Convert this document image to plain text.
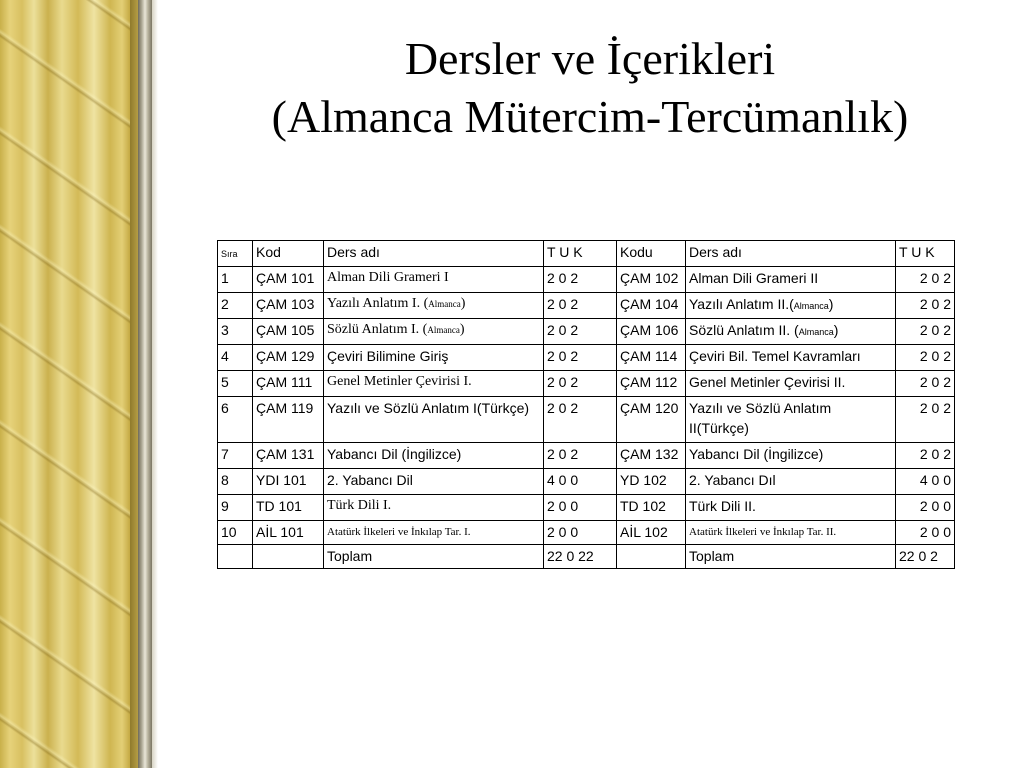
Dersler ve İçerikleri
(Almanca Mütercim-Tercümanlık)
Sıra	Kod	Ders adı	T U K	Kodu	Ders adı	T U K
1	ÇAM 101	Alman Dili Grameri I	2 0 2	ÇAM 102	Alman Dili Grameri II	2 0 2
2	ÇAM 103	Yazılı Anlatım I. (Almanca)	2 0 2	ÇAM 104	Yazılı Anlatım II.(Almanca)	2 0 2
3	ÇAM 105	Sözlü Anlatım I. (Almanca)	2 0 2	ÇAM 106	Sözlü Anlatım II. (Almanca)	2 0 2
4	ÇAM 129	Çeviri Bilimine Giriş	2 0 2	ÇAM 114	Çeviri Bil. Temel Kavramları	2 0 2
5	ÇAM 111	Genel Metinler Çevirisi I.	2 0 2	ÇAM 112	Genel Metinler Çevirisi II.	2 0 2
6	ÇAM 119	Yazılı ve Sözlü Anlatım I(Türkçe)	2 0 2	ÇAM 120	Yazılı ve Sözlü Anlatım II(Türkçe)	2 0 2
7	ÇAM 131	Yabancı Dil (İngilizce)	2 0 2	ÇAM 132	Yabancı Dil (İngilizce)	2 0 2
8	YDI 101	2. Yabancı Dil	4 0 0	YD 102	2. Yabancı Dıl	4 0 0
9	TD 101	Türk Dili I.	2 0 0	TD 102	Türk Dili II.	2 0 0
10	AİL 101	Atatürk İlkeleri ve İnkılap Tar. I.	2 0 0	AİL 102	Atatürk İlkeleri ve İnkılap Tar. II.	2 0 0
		Toplam	22 0 22		Toplam	22 0 2
